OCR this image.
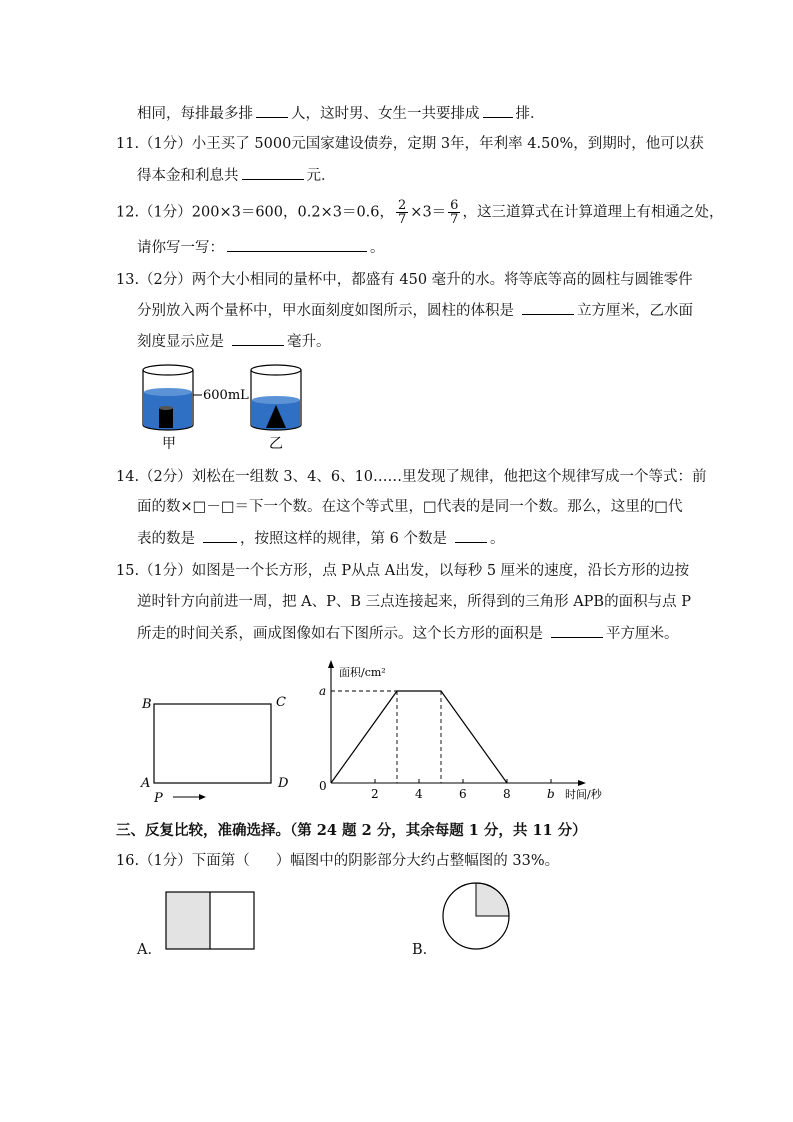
相同，每排最多排	人，这时男、女生一共要排成 排．
11.（1分）小王买了 5000元国家建设债券，定期 3年，年利率 4.50%，到期时，他可以获
得本金和利息共	元．
12.（1分）200×3＝600，0.2×3＝0.6， $\frac{2}{7} \times 3= \frac{6}{7}$ ，这三道算式在计算道理上有相通之处，
请你写一写：	。
13.（2分）两个大小相同的量杯中，都盛有 450 毫升的水。将等底等高的圆柱与圆锥零件
分别放入两个量杯中，甲水面刻度如图所示，圆柱的体积是	立方厘米，乙水面
刻度显示应是	毫升。
600mL
甲	乙
14.（2分）刘松在一组数 3、4、6、10……里发现了规律，他把这个规律写成一个等式：前
面的数×□－□＝下一个数。在这个等式里，□代表的是同一个数。那么，这里的□代
表的数是	，按照这样的规律，第 6 个数是	。
15.（1分）如图是一个长方形，点 P从点 A出发，以每秒 5 厘米的速度，沿长方形的边按
逆时针方向前进一周，把 A、P、B 三点连接起来，所得到的三角形 APB的面积与点 P
所走的时间关系，画成图像如右下图所示。这个长方形的面积是	平方厘米。
B	C
A	D
P
面积/cm²
时间/秒
a
0
2	4	6	8	b
三、反复比较，准确选择。（第 24 题 2 分，其余每题 1 分，共 11 分）
16.（1分）下面第（ ）幅图中的阴影部分大约占整幅图的 33%。
A．	B．
